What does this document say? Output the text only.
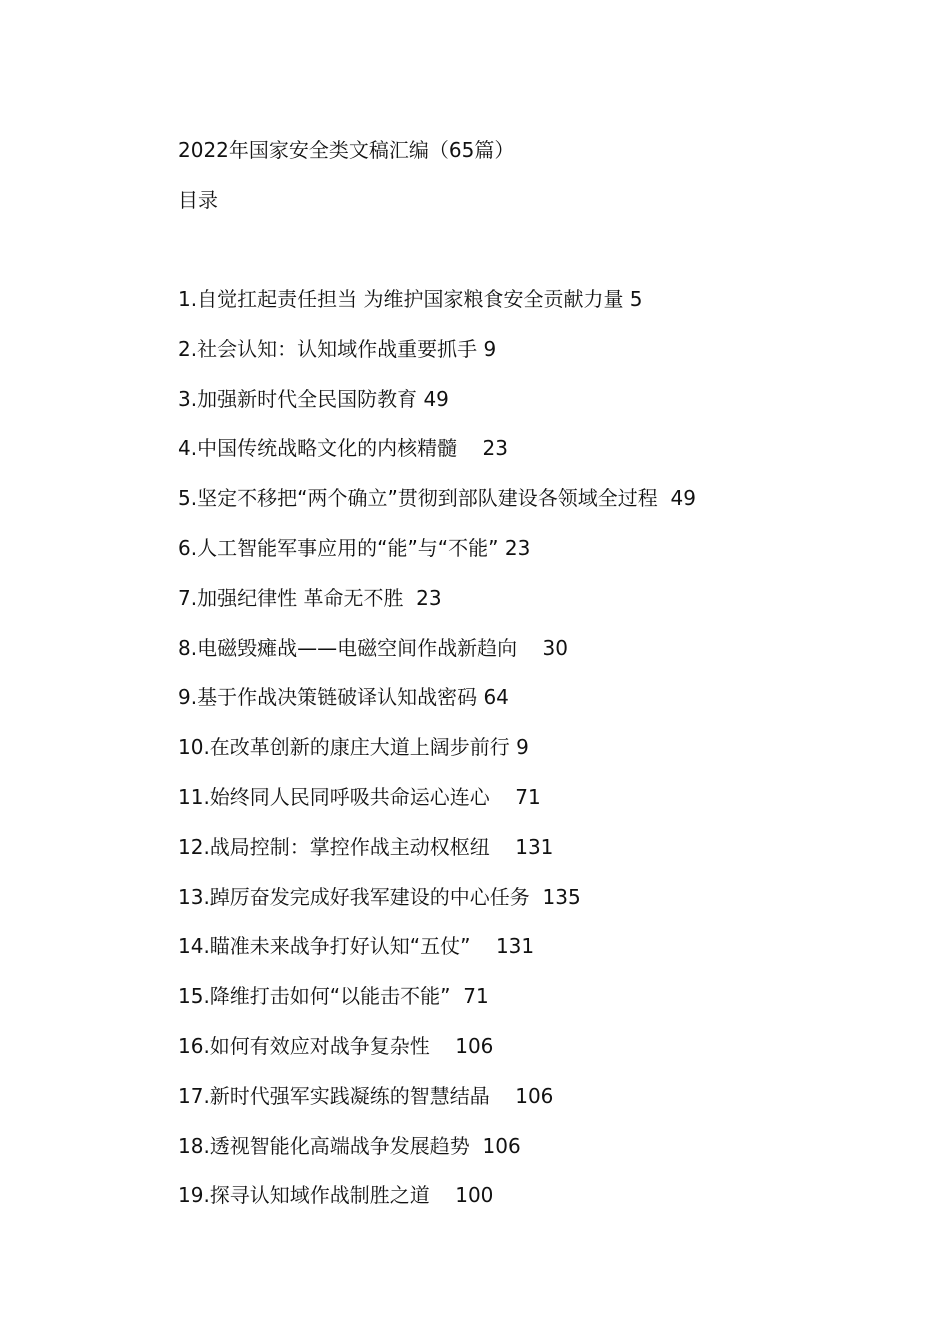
2022年国家安全类文稿汇编（65篇）
目录
1.自觉扛起责任担当 为维护国家粮食安全贡献力量 5
2.社会认知：认知域作战重要抓手 9
3.加强新时代全民国防教育 49
4.中国传统战略文化的内核精髓    23
5.坚定不移把“两个确立”贯彻到部队建设各领域全过程  49
6.人工智能军事应用的“能”与“不能” 23
7.加强纪律性 革命无不胜  23
8.电磁毁瘫战——电磁空间作战新趋向    30
9.基于作战决策链破译认知战密码 64
10.在改革创新的康庄大道上阔步前行 9
11.始终同人民同呼吸共命运心连心    71
12.战局控制：掌控作战主动权枢纽    131
13.踔厉奋发完成好我军建设的中心任务  135
14.瞄准未来战争打好认知“五仗”    131
15.降维打击如何“以能击不能”  71
16.如何有效应对战争复杂性    106
17.新时代强军实践凝练的智慧结晶    106
18.透视智能化高端战争发展趋势  106
19.探寻认知域作战制胜之道    100
